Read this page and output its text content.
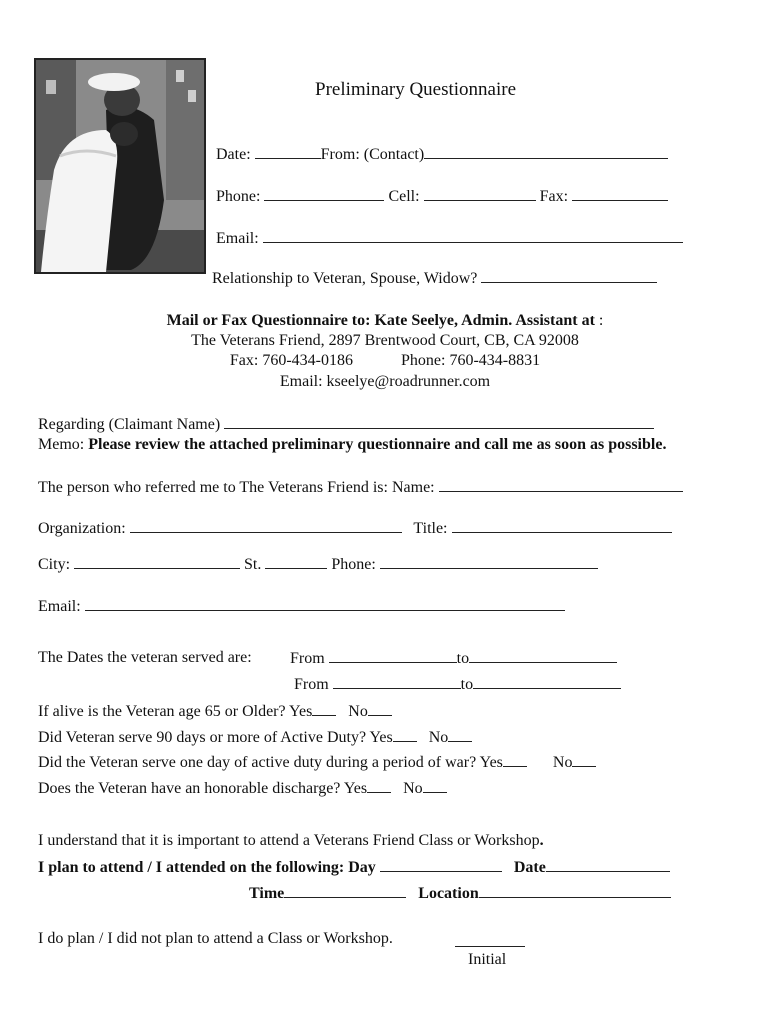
Preliminary Questionnaire
Date:	From: (Contact)
Phone:	Cell:	Fax:
Email:
Relationship to Veteran, Spouse, Widow?
Mail or Fax Questionnaire to: Kate Seelye, Admin. Assistant at :
The Veterans Friend, 2897 Brentwood Court, CB, CA 92008
Fax: 760-434-0186	Phone: 760-434-8831
Email: kseelye@roadrunner.com
Regarding (Claimant Name)
Memo: Please review the attached preliminary questionnaire and call me as soon as possible.
The person who referred me to The Veterans Friend is: Name:
Organization:	Title:
City:	St.	Phone:
Email:
The Dates the veteran served are: From	to
From	to
If alive is the Veteran age 65 or Older? Yes No
Did Veteran serve 90 days or more of Active Duty? Yes No
Did the Veteran serve one day of active duty during a period of war? Yes	No
Does the Veteran have an honorable discharge? Yes No
I understand that it is important to attend a Veterans Friend Class or Workshop.
I plan to attend / I attended on the following: Day	Date
Time	Location
I do plan / I did not plan to attend a Class or Workshop.
Initial
